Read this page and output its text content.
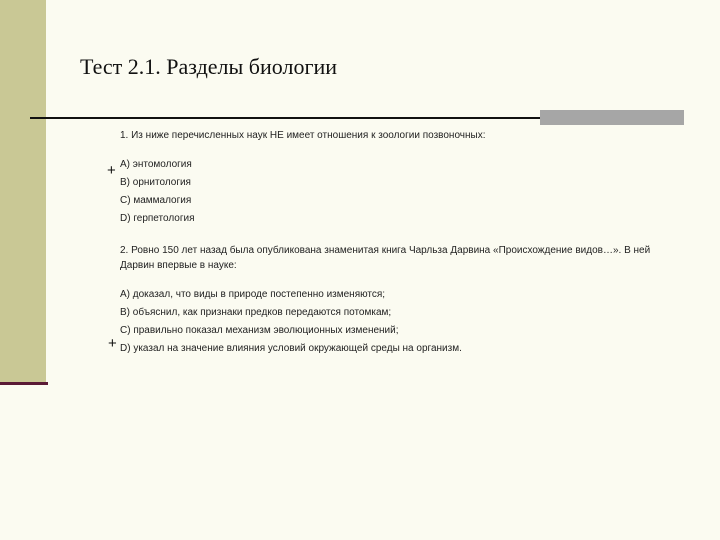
Тест 2.1. Разделы биологии
+
+
1. Из ниже перечисленных наук НЕ имеет отношения к зоологии позвоночных:
А) энтомология
В) орнитология
С) маммалогия
D) герпетология
2. Ровно 150 лет назад была опубликована знаменитая книга Чарльза Дарвина «Происхождение видов…». В ней Дарвин впервые в науке:
А) доказал, что виды в природе постепенно изменяются;
В) объяснил, как признаки предков передаются потомкам;
С) правильно показал механизм эволюционных изменений;
D) указал на значение влияния условий окружающей среды на организм.
